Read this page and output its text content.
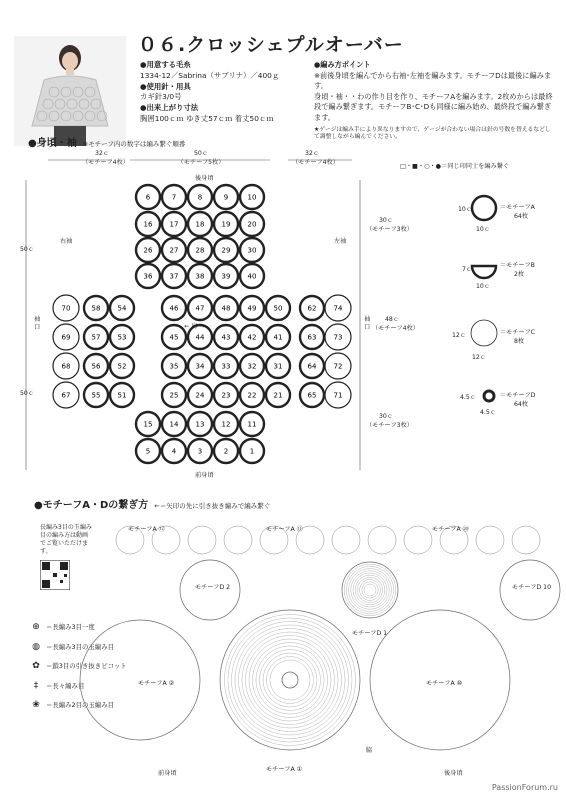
０６.クロッシェプルオーバー
●用意する毛糸
1334-12／Sabrina（サブリナ）／400ｇ
●使用針・用具
カギ針3/0号
●出来上がり寸法
胸囲100ｃｍ ゆき丈57ｃｍ 着丈50ｃｍ
●編み方ポイント
※前後身頃を編んでから右袖･左袖を編みます。モチーフDは最後に編みます。
身頃・袖・・わの作り目を作り、モチーフAを編みます。2枚めからは最終段で編み繋ぎます。モチーフB･C･Dも同様に編み始め、最終段で編み繋ぎます。
★ゲージは編み手により異なりますので、ゲージが合わない場合は針の号数を替えるなどして調整しながら編んでください。
●身頃・袖 ※モチーフ内の数字は編み繋ぐ順番
32ｃ
（モチーフ4枚）
50ｃ
（モチーフ5枚）
32ｃ
（モチーフ4枚）
30ｃ
（モチーフ3枚）
48ｃ
（モチーフ4枚）
30ｃ
（モチーフ3枚）
50ｃ
50ｃ
□・■・○・●＝同じ印同士を編み繋ぐ
後身頃
前身頃
右袖	左袖
袖口
袖口
6	7	8	9	10
16 17 18 19 20
26 27 28 29 30
36 37 38 39 40
70	58 54	46 47 48 49 50	62 74
69	57 53	45 44 43 42 41	63 73
68	56 52	35 34 33 32 31	64 72
67	55 51	25 24 23 22 21	65 71
15 14 13 12 11
5	4	3	2	1
＝モチーフA
64枚
10ｃ
10ｃ
＝モチーフB
2枚
7ｃ
10ｃ
＝モチーフC
8枚
12ｃ
12ｃ
＝モチーフD
64枚
4.5ｃ
4.5ｃ
← 肩 →
●モチーフA・Dの繋ぎ方 ←＝矢印の先に引き抜き編みで編み繋ぐ
長編み3目の玉編み目の編み方は動画でご覧いただけます。
⊕ ＝長編み3目一度
◍ ＝長編み3目の玉編み目
✿ ＝鎖3目の引き抜きピコット
‡	＝長々編み目
❀ ＝長編み2目の玉編み目
モチーフA ⑫	モチーフA ⑪	モチーフA ⑳
モチーフA ②	モチーフA ⑩
モチーフA ①
モチーフD 2
モチーフD 1
モチーフD 10
前身頃	後身頃
脇
PassionForum.ru
